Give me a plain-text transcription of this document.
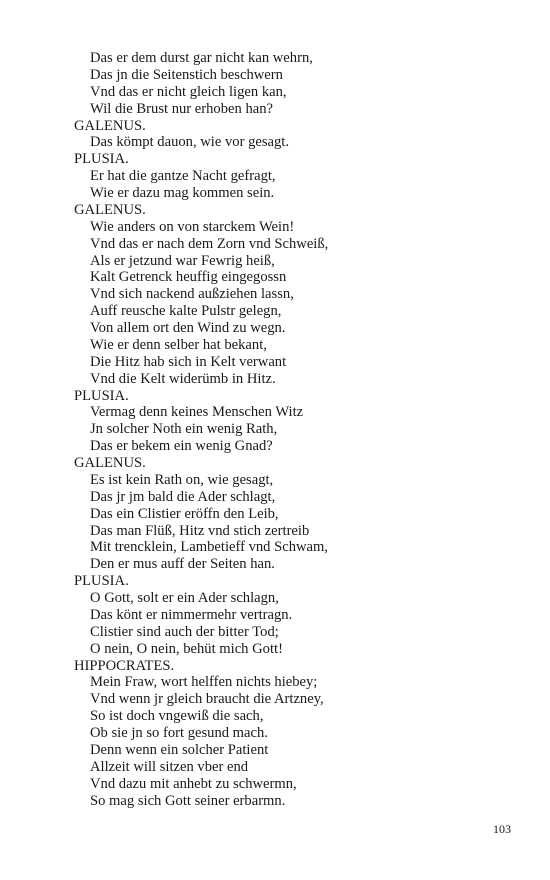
Das er dem durst gar nicht kan wehrn,
Das jn die Seitenstich beschwern
Vnd das er nicht gleich ligen kan,
Wil die Brust nur erhoben han?
GALENUS.
Das kömpt dauon, wie vor gesagt.
PLUSIA.
Er hat die gantze Nacht gefragt,
Wie er dazu mag kommen sein.
GALENUS.
Wie anders on von starckem Wein!
Vnd das er nach dem Zorn vnd Schweiß,
Als er jetzund war Fewrig heiß,
Kalt Getrenck heuffig eingegossn
Vnd sich nackend außziehen lassn,
Auff reusche kalte Pulstr gelegn,
Von allem ort den Wind zu wegn.
Wie er denn selber hat bekant,
Die Hitz hab sich in Kelt verwant
Vnd die Kelt widerümb in Hitz.
PLUSIA.
Vermag denn keines Menschen Witz
Jn solcher Noth ein wenig Rath,
Das er bekem ein wenig Gnad?
GALENUS.
Es ist kein Rath on, wie gesagt,
Das jr jm bald die Ader schlagt,
Das ein Clistier eröffn den Leib,
Das man Flüß, Hitz vnd stich zertreib
Mit trencklein, Lambetieff vnd Schwam,
Den er mus auff der Seiten han.
PLUSIA.
O Gott, solt er ein Ader schlagn,
Das könt er nimmermehr vertragn.
Clistier sind auch der bitter Tod;
O nein, O nein, behüt mich Gott!
HIPPOCRATES.
Mein Fraw, wort helffen nichts hiebey;
Vnd wenn jr gleich braucht die Artzney,
So ist doch vngewiß die sach,
Ob sie jn so fort gesund mach.
Denn wenn ein solcher Patient
Allzeit will sitzen vber end
Vnd dazu mit anhebt zu schwermn,
So mag sich Gott seiner erbarmn.
103
